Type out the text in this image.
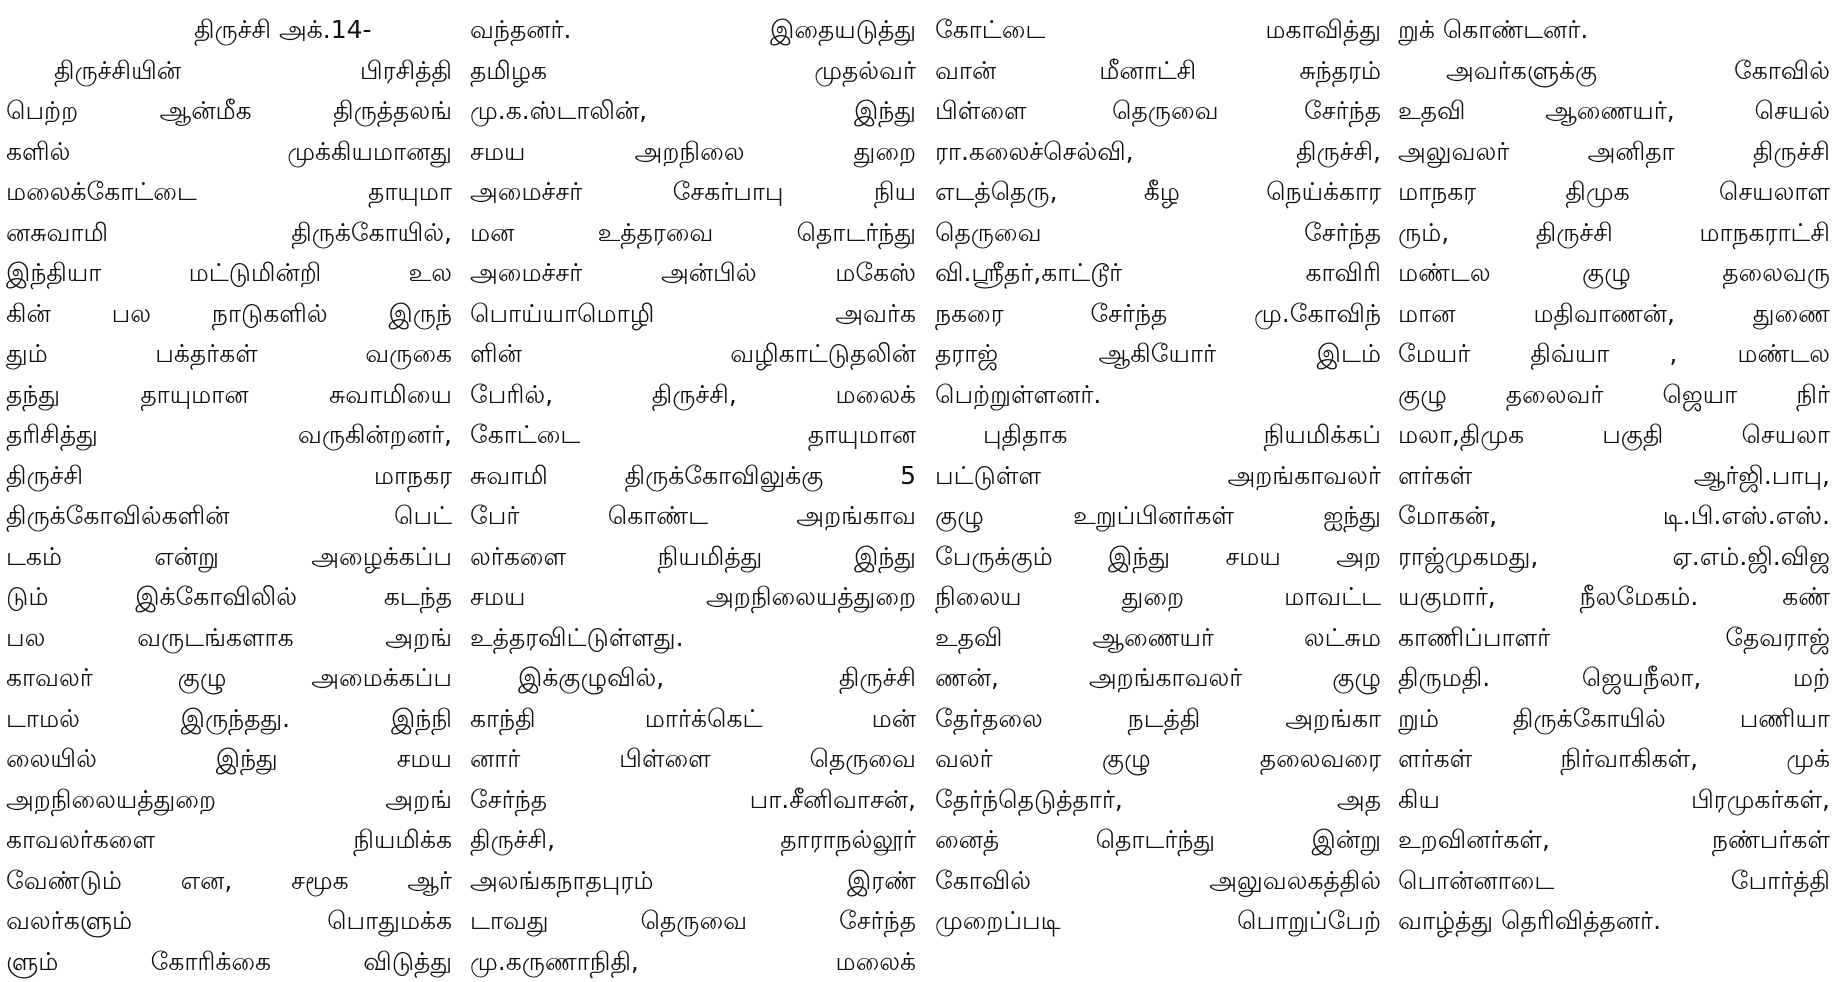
திருச்சி அக்.14-
திருச்சியின் பிரசித்தி
பெற்ற ஆன்மீக திருத்தலங்
களில் முக்கியமானது
மலைக்கோட்டை தாயுமா
னசுவாமி திருக்கோயில்,
இந்தியா மட்டுமின்றி உல
கின் பல நாடுகளில் இருந்
தும் பக்தர்கள் வருகை
தந்து தாயுமான சுவாமியை
தரிசித்து வருகின்றனர்,
திருச்சி மாநகர
திருக்கோவில்களின் பெட்
டகம் என்று அழைக்கப்ப
டும் இக்கோவிலில் கடந்த
பல வருடங்களாக அறங்
காவலர் குழு அமைக்கப்ப
டாமல் இருந்தது. இந்நி
லையில் இந்து சமய
அறநிலையத்துறை அறங்
காவலர்களை நியமிக்க
வேண்டும் என, சமூக ஆர்
வலர்களும் பொதுமக்க
ளும் கோரிக்கை விடுத்து
வந்தனர். இதையடுத்து
தமிழக முதல்வர்
மு.க.ஸ்டாலின், இந்து
சமய அறநிலை துறை
அமைச்சர் சேகர்பாபு நிய
மன உத்தரவை தொடர்ந்து
அமைச்சர் அன்பில் மகேஸ்
பொய்யாமொழி அவர்க
ளின் வழிகாட்டுதலின்
பேரில், திருச்சி, மலைக்
கோட்டை தாயுமான
சுவாமி திருக்கோவிலுக்கு 5
பேர் கொண்ட அறங்காவ
லர்களை நியமித்து இந்து
சமய அறநிலையத்துறை
உத்தரவிட்டுள்ளது.
இக்குழுவில், திருச்சி
காந்தி மார்க்கெட் மன்
னார் பிள்ளை தெருவை
சேர்ந்த பா.சீனிவாசன்,
திருச்சி, தாராநல்லூர்
அலங்கநாதபுரம் இரண்
டாவது தெருவை சேர்ந்த
மு.கருணாநிதி, மலைக்
கோட்டை மகாவித்து
வான் மீனாட்சி சுந்தரம்
பிள்ளை தெருவை சேர்ந்த
ரா.கலைச்செல்வி, திருச்சி,
எடத்தெரு, கீழ நெய்க்கார
தெருவை சேர்ந்த
வி.ஸ்ரீதர்,காட்டூர் காவிரி
நகரை சேர்ந்த மு.கோவிந்
தராஜ் ஆகியோர் இடம்
பெற்றுள்ளனர்.
புதிதாக நியமிக்கப்
பட்டுள்ள அறங்காவலர்
குழு உறுப்பினர்கள் ஐந்து
பேருக்கும் இந்து சமய அற
நிலைய துறை மாவட்ட
உதவி ஆணையர் லட்சும
ணன், அறங்காவலர் குழு
தேர்தலை நடத்தி அறங்கா
வலர் குழு தலைவரை
தேர்ந்தெடுத்தார், அத
னைத் தொடர்ந்து இன்று
கோவில் அலுவலகத்தில்
முறைப்படி பொறுப்பேற்
றுக் கொண்டனர்.
அவர்களுக்கு கோவில்
உதவி ஆணையர், செயல்
அலுவலர் அனிதா திருச்சி
மாநகர திமுக செயலாள
ரும், திருச்சி மாநகராட்சி
மண்டல குழு தலைவரு
மான மதிவாணன், துணை
மேயர் திவ்யா , மண்டல
குழு தலைவர் ஜெயா நிர்
மலா,திமுக பகுதி செயலா
ளர்கள் ஆர்ஜி.பாபு,
மோகன், டி.பி.எஸ்.எஸ்.
ராஜ்முகமது, ஏ.எம்.ஜி.விஜ
யகுமார், நீலமேகம். கண்
காணிப்பாளர் தேவராஜ்
திருமதி. ஜெயநீலா, மற்
றும் திருக்கோயில் பணியா
ளர்கள் நிர்வாகிகள், முக்
கிய பிரமுகர்கள்,
உறவினர்கள், நண்பர்கள்
பொன்னாடை போர்த்தி
வாழ்த்து தெரிவித்தனர்.
